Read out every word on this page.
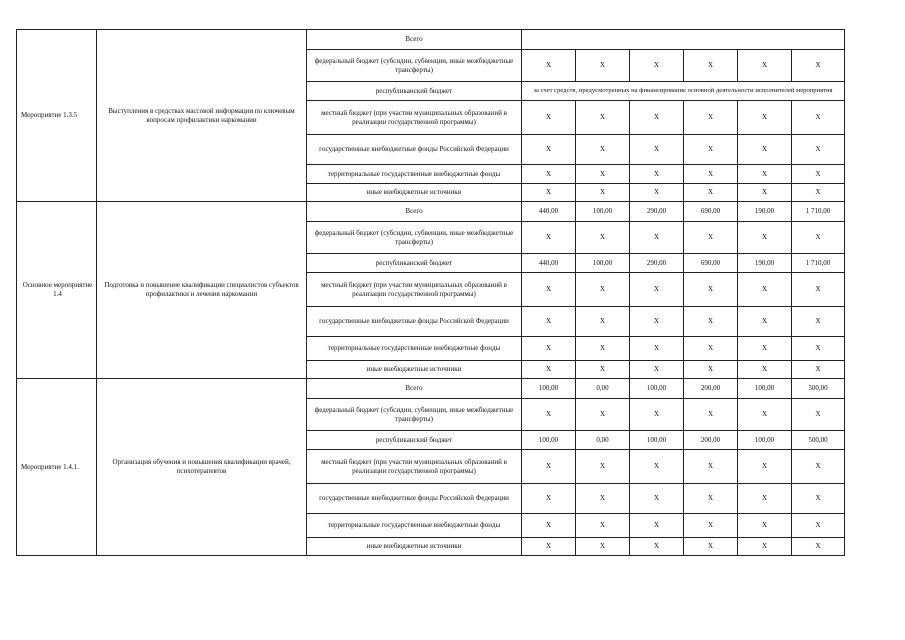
Мероприятие 1.3.5	Выступления в средствах массовой информации по ключевым вопросам профилактики наркомании	Всего						
		федеральный бюджет (субсидии, субвенции, иные межбюджетные трансферты)	X	X	X	X	X	X
		республиканский бюджет	за счет средств, предусмотренных на финансирование основной деятельности исполнителей мероприятия					
		местный бюджет (при участии муниципальных образований в реализации государственной программы)	X	X	X	X	X	X
		государственные внебюджетные фонды Российской Федерации	X	X	X	X	X	X
		территориальные государственные внебюджетные фонды	X	X	X	X	X	X
		иные внебюджетные источники	X	X	X	X	X	X
Основное мероприятие 1.4	Подготовка и повышение квалификации специалистов субъектов профилактики и лечения наркомании	Всего	440,00	100,00	290,00	690,00	190,00	1 710,00
		федеральный бюджет (субсидии, субвенции, иные межбюджетные трансферты)	X	X	X	X	X	X
		республиканский бюджет	440,00	100,00	290,00	690,00	190,00	1 710,00
		местный бюджет (при участии муниципальных образований в реализации государственной программы)	X	X	X	X	X	X
		государственные внебюджетные фонды Российской Федерации	X	X	X	X	X	X
		территориальные государственные внебюджетные фонды	X	X	X	X	X	X
		иные внебюджетные источники	X	X	X	X	X	X
Мероприятие 1.4.1.	Организация обучения и повышения квалификации врачей, психотерапевтов	Всего	100,00	0,00	100,00	200,00	100,00	500,00
		федеральный бюджет (субсидии, субвенции, иные межбюджетные трансферты)	X	X	X	X	X	X
		республиканский бюджет	100,00	0,00	100,00	200,00	100,00	500,00
		местный бюджет (при участии муниципальных образований в реализации государственной программы)	X	X	X	X	X	X
		государственные внебюджетные фонды Российской Федерации	X	X	X	X	X	X
		территориальные государственные внебюджетные фонды	X	X	X	X	X	X
		иные внебюджетные источники	X	X	X	X	X	X
